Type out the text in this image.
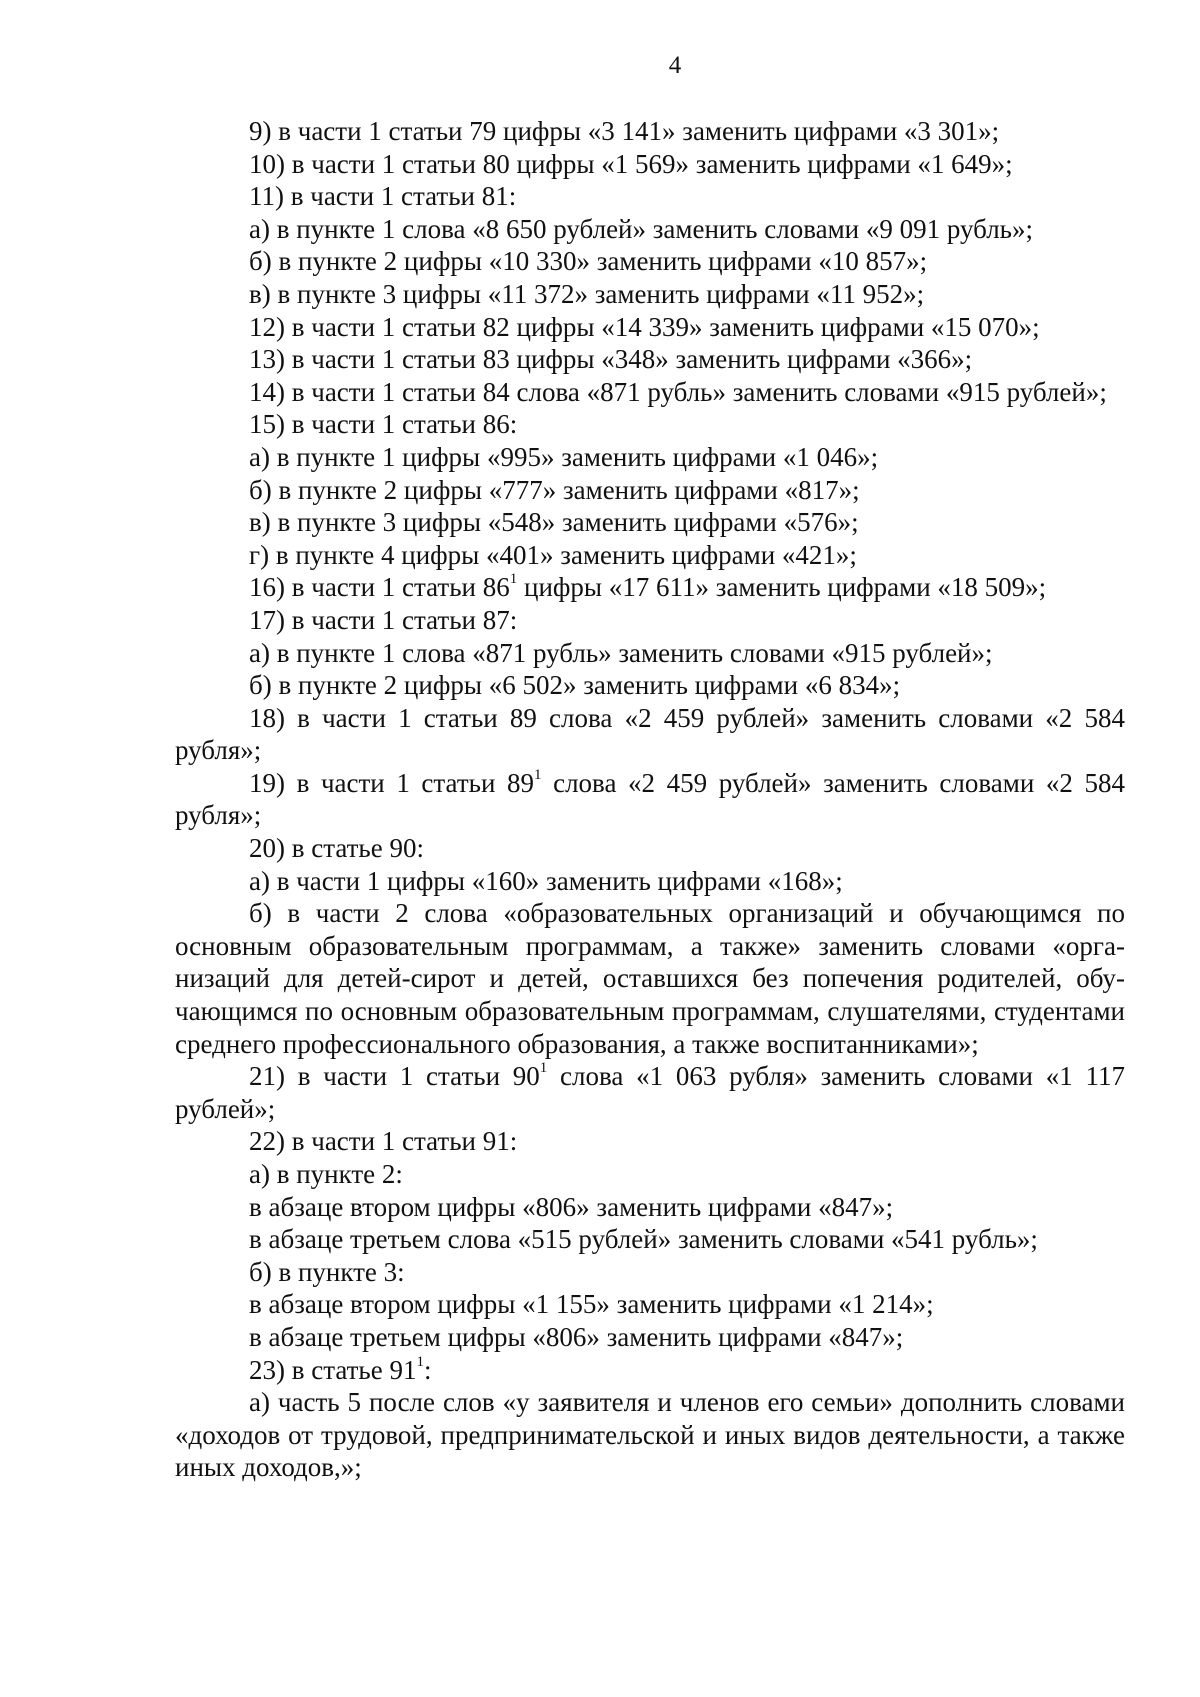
4

9) в части 1 статьи 79 цифры «3 141» заменить цифрами «3 301»;

10) в части 1 статьи 80 цифры «1 569» заменить цифрами «1 649»;

11) в части 1 статьи 81:

а) в пункте 1 слова «8 650 рублей» заменить словами «9 091 рубль»;

б) в пункте 2 цифры «10 330» заменить цифрами «10 857»;

в) в пункте 3 цифры «11 372» заменить цифрами «11 952»;

12) в части 1 статьи 82 цифры «14 339» заменить цифрами «15 070»;

13) в части 1 статьи 83 цифры «348» заменить цифрами «366»;

14) в части 1 статьи 84 слова «871 рубль» заменить словами «915 рублей»;

15) в части 1 статьи 86:

а) в пункте 1 цифры «995» заменить цифрами «1 046»;

б) в пункте 2 цифры «777» заменить цифрами «817»;

в) в пункте 3 цифры «548» заменить цифрами «576»;

г) в пункте 4 цифры «401» заменить цифрами «421»;

16) в части 1 статьи $86^1$ цифры «17 611» заменить цифрами «18 509»;

17) в части 1 статьи 87:

а) в пункте 1 слова «871 рубль» заменить словами «915 рублей»;

б) в пункте 2 цифры «6 502» заменить цифрами «6 834»;

18) в части 1 статьи 89 слова «2 459 рублей» заменить словами «2 584 рубля»;

19) в части 1 статьи $89^1$ слова «2 459 рублей» заменить словами «2 584 рубля»;

20) в статье 90:

а) в части 1 цифры «160» заменить цифрами «168»;

б) в части 2 слова «образовательных организаций и обучающимся по основным образовательным программам, а также» заменить словами «организаций для детей-сирот и детей, оставшихся без попечения родителей, обучающимся по основным образовательным программам, слушателями, студентами среднего профессионального образования, а также воспитанниками»;

21) в части 1 статьи $90^1$ слова «1 063 рубля» заменить словами «1 117 рублей»;

22) в части 1 статьи 91:

а) в пункте 2:

в абзаце втором цифры «806» заменить цифрами «847»;

в абзаце третьем слова «515 рублей» заменить словами «541 рубль»;

б) в пункте 3:

в абзаце втором цифры «1 155» заменить цифрами «1 214»;

в абзаце третьем цифры «806» заменить цифрами «847»;

23) в статье $91^1$:

а) часть 5 после слов «у заявителя и членов его семьи» дополнить словами «доходов от трудовой, предпринимательской и иных видов деятельности, а также иных доходов,»;
